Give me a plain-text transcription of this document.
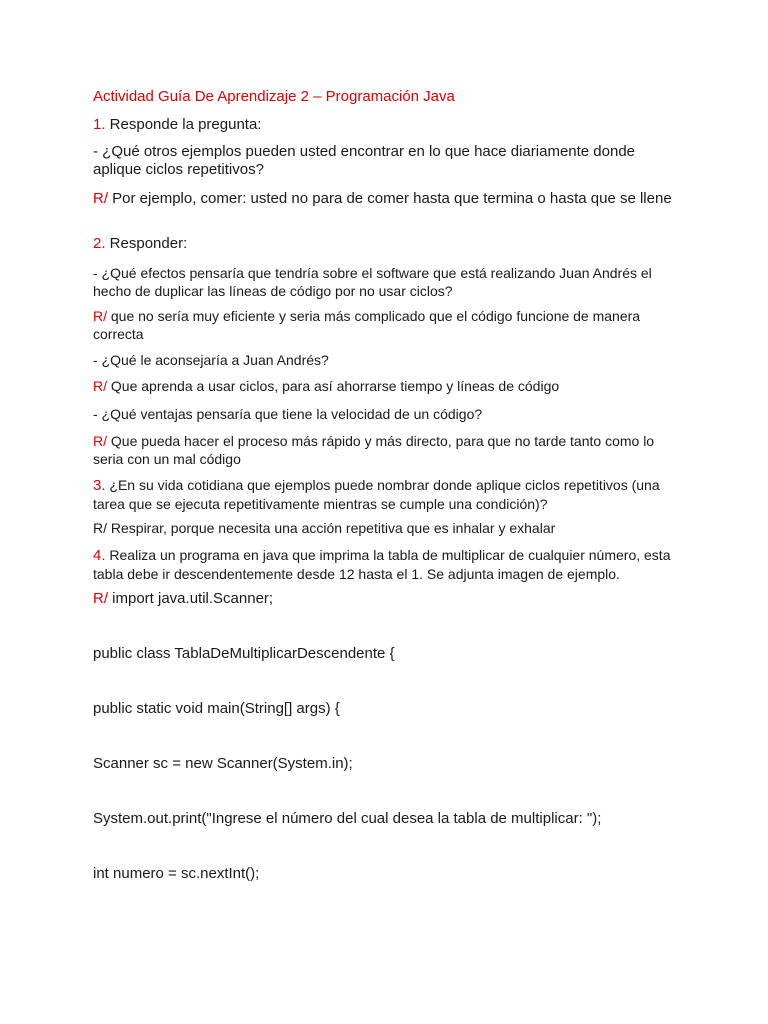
Actividad Guía De Aprendizaje 2 – Programación Java

1. Responde la pregunta:

- ¿Qué otros ejemplos pueden usted encontrar en lo que hace diariamente donde aplique ciclos repetitivos?

R/ Por ejemplo, comer: usted no para de comer hasta que termina o hasta que se llene

2. Responder:

- ¿Qué efectos pensaría que tendría sobre el software que está realizando Juan Andrés el hecho de duplicar las líneas de código por no usar ciclos?

R/ que no sería muy eficiente y seria más complicado que el código funcione de manera correcta

- ¿Qué le aconsejaría a Juan Andrés?

R/ Que aprenda a usar ciclos, para así ahorrarse tiempo y líneas de código

- ¿Qué ventajas pensaría que tiene la velocidad de un código?

R/ Que pueda hacer el proceso más rápido y más directo, para que no tarde tanto como lo seria con un mal código

3. ¿En su vida cotidiana que ejemplos puede nombrar donde aplique ciclos repetitivos (una tarea que se ejecuta repetitivamente mientras se cumple una condición)?

R/ Respirar, porque necesita una acción repetitiva que es inhalar y exhalar

4. Realiza un programa en java que imprima la tabla de multiplicar de cualquier número, esta tabla debe ir descendentemente desde 12 hasta el 1. Se adjunta imagen de ejemplo.

R/ import java.util.Scanner;

public class TablaDeMultiplicarDescendente {

public static void main(String[] args) {

Scanner sc = new Scanner(System.in);

System.out.print("Ingrese el número del cual desea la tabla de multiplicar: ");

int numero = sc.nextInt();
